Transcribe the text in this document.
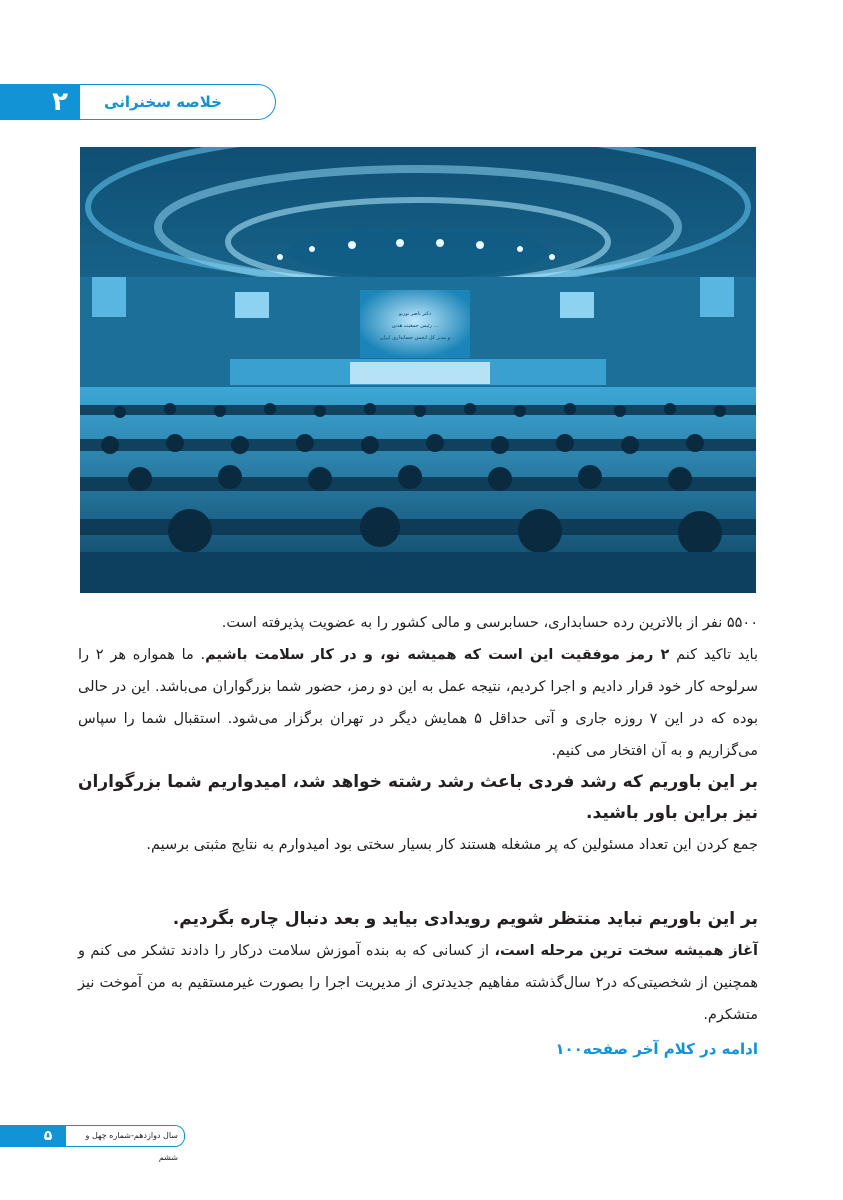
۲	خلاصه سخنرانی
دکتر ناصر نوربو
رئیس جمعیت هدین ...
و مدیر کل انجمن حسابداری ایران

۵۵۰۰ نفر از بالاترین رده حسابداری، حسابرسی و مالی کشور را به عضویت پذیرفته است.

باید تاکید کنم ۲ رمز موفقیت این است که همیشه نو، و در کار سلامت باشیم. ما همواره هر ۲ را سرلوحه کار خود قرار دادیم و اجرا کردیم، نتیجه عمل به این دو رمز، حضور شما بزرگواران می‌باشد. این در حالی بوده که در این ۷ روزه جاری و آتی حداقل ۵ همایش دیگر در تهران برگزار می‌شود. استقبال شما را سپاس می‌گزاریم و به آن افتخار می کنیم.

بر این باوریم که رشد فردی باعث رشد رشته خواهد شد، امیدواریم شما بزرگواران نیز براین باور باشید.

جمع کردن این تعداد مسئولین که پر مشغله هستند کار بسیار سختی بود امیدوارم به نتایج مثبتی برسیم.

بر این باوریم نباید منتظر شویم رویدادی بیاید و بعد دنبال چاره بگردیم.

آغاز همیشه سخت ترین مرحله است، از کسانی که به بنده آموزش سلامت درکار را دادند تشکر می کنم و همچنین از شخصیتی‌که در۲ سال‌گذشته مفاهیم جدیدتری از مدیریت اجرا را بصورت غیرمستقیم به من آموخت نیز متشکرم.

ادامه در کلام آخر صفحه۱۰۰
۵	سال دوازدهم-شماره چهل و ششم
